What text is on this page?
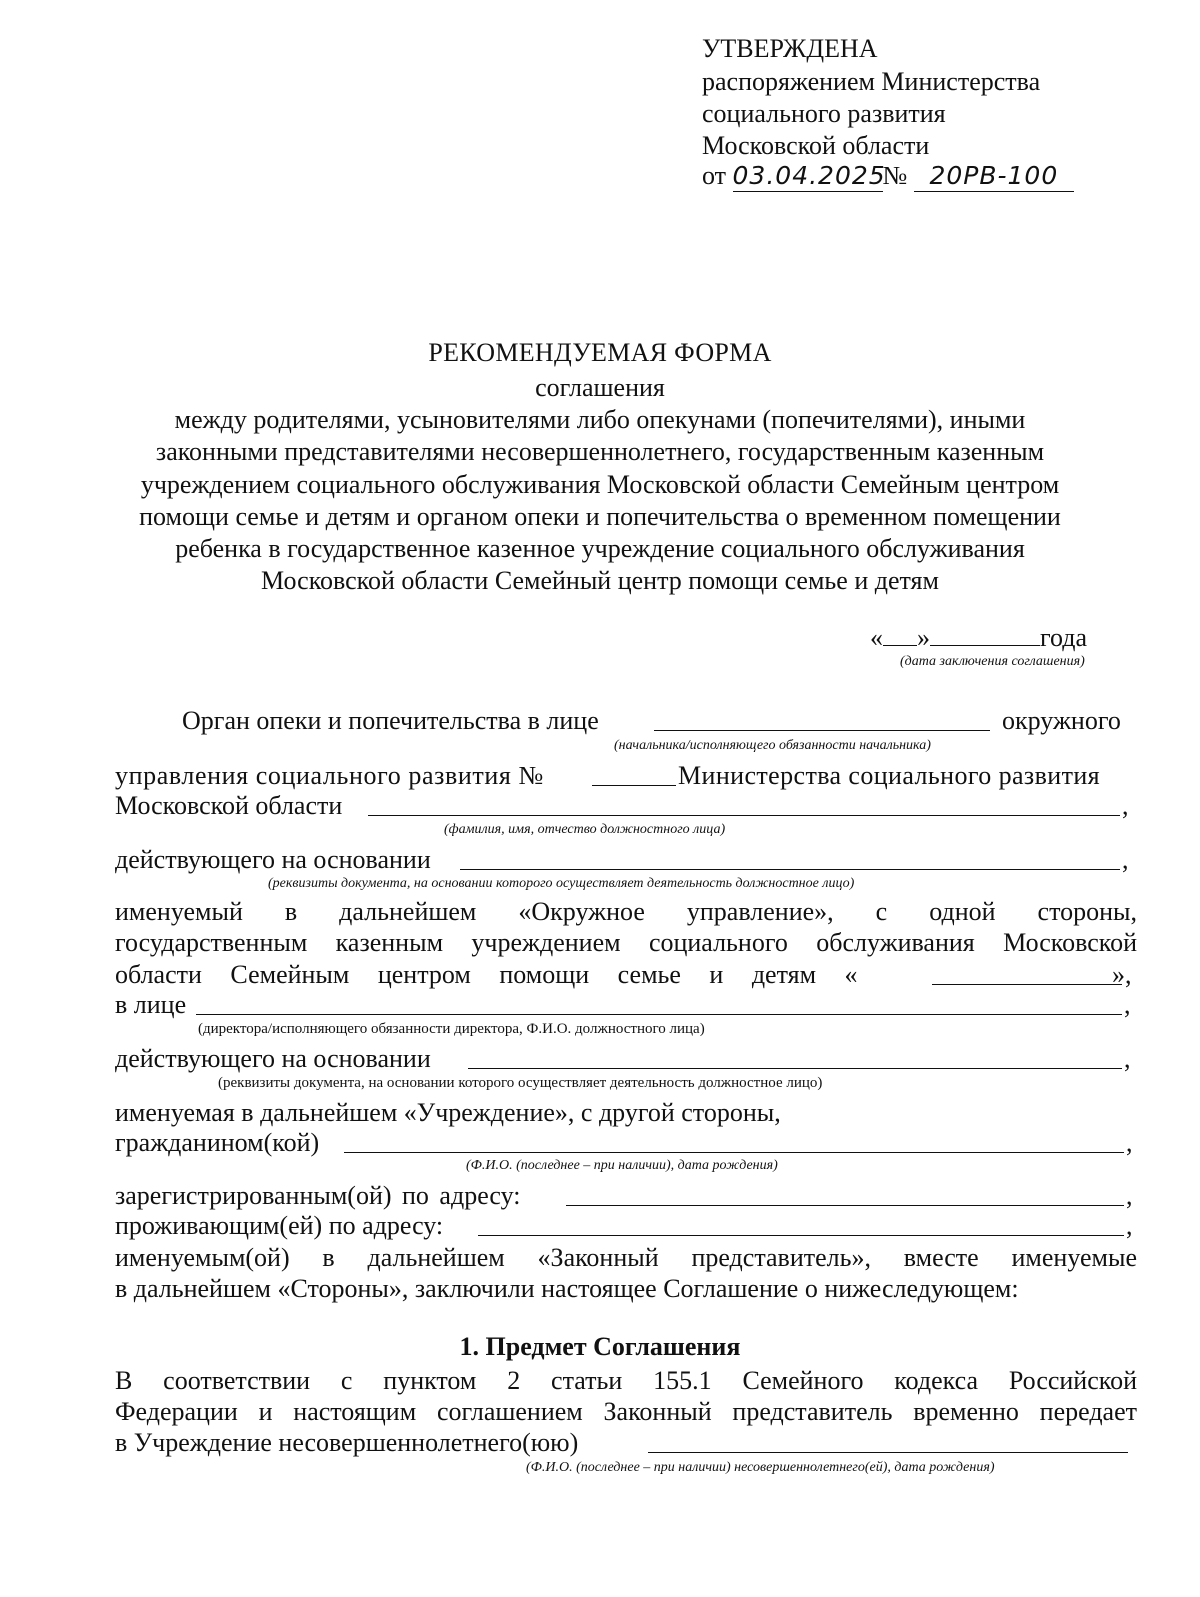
УТВЕРЖДЕНА
распоряжением Министерства
социального развития
Московской области
от 03.04.2025№ 20РВ-100
РЕКОМЕНДУЕМАЯ ФОРМА
соглашения
между родителями, усыновителями либо опекунами (попечителями), иными
законными представителями несовершеннолетнего, государственным казенным
учреждением социального обслуживания Московской области Семейным центром
помощи семье и детям и органом опеки и попечительства о временном помещении
ребенка в государственное казенное учреждение социального обслуживания
Московской области Семейный центр помощи семье и детям
« »	года
(дата заключения соглашения)
Орган опеки и попечительства в лице	окружного
(начальника/исполняющего обязанности начальника)
управления социального развития №	Министерства социального развития
Московской области	,
(фамилия, имя, отчество должностного лица)
действующего на основании	,
(реквизиты документа, на основании которого осуществляет деятельность должностное лицо)
именуемый в дальнейшем «Окружное управление», с одной стороны,
государственным казенным учреждением социального обслуживания Московской
области Семейным центром помощи семье и детям «	»,
в лице	,
(директора/исполняющего обязанности директора, Ф.И.О. должностного лица)
действующего на основании	,
(реквизиты документа, на основании которого осуществляет деятельность должностное лицо)
именуемая в дальнейшем «Учреждение», с другой стороны,
гражданином(кой)	,
(Ф.И.О. (последнее – при наличии), дата рождения)
зарегистрированным(ой) по адресу:	,
проживающим(ей) по адресу:	,
именуемым(ой) в дальнейшем «Законный представитель», вместе именуемые
в дальнейшем «Стороны», заключили настоящее Соглашение о нижеследующем:
1. Предмет Соглашения
В соответствии с пунктом 2 статьи 155.1 Семейного кодекса Российской
Федерации и настоящим соглашением Законный представитель временно передает
в Учреждение несовершеннолетнего(юю)
(Ф.И.О. (последнее – при наличии) несовершеннолетнего(ей), дата рождения)
